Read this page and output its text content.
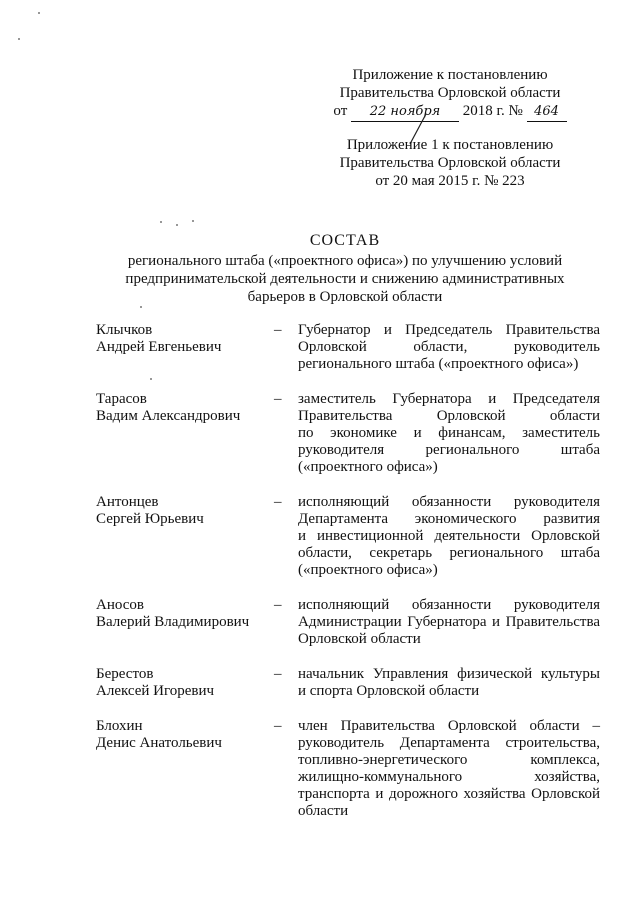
Приложение к постановлению
Правительства Орловской области
от 22 ноября 2018 г. № 464
Приложение 1 к постановлению
Правительства Орловской области
от 20 мая 2015 г. № 223
СОСТАВ
регионального штаба («проектного офиса») по улучшению условий
предпринимательской деятельности и снижению административных
барьеров в Орловской области
Клычков
Андрей Евгеньевич
–	Губернатор и Председатель Правительства
Орловской области, руководитель
регионального штаба («проектного офиса»)
Тарасов
Вадим Александрович
–	заместитель Губернатора и Председателя
Правительства Орловской области
по экономике и финансам, заместитель
руководителя регионального штаба
(«проектного офиса»)
Антонцев
Сергей Юрьевич
–	исполняющий обязанности руководителя
Департамента экономического развития
и инвестиционной деятельности Орловской
области, секретарь регионального штаба
(«проектного офиса»)
Аносов
Валерий Владимирович
–	исполняющий обязанности руководителя
Администрации Губернатора и Правительства
Орловской области
Берестов
Алексей Игоревич
–	начальник Управления физической культуры
и спорта Орловской области
Блохин
Денис Анатольевич
–	член Правительства Орловской области –
руководитель Департамента строительства,
топливно-энергетического комплекса,
жилищно-коммунального хозяйства,
транспорта и дорожного хозяйства Орловской
области
